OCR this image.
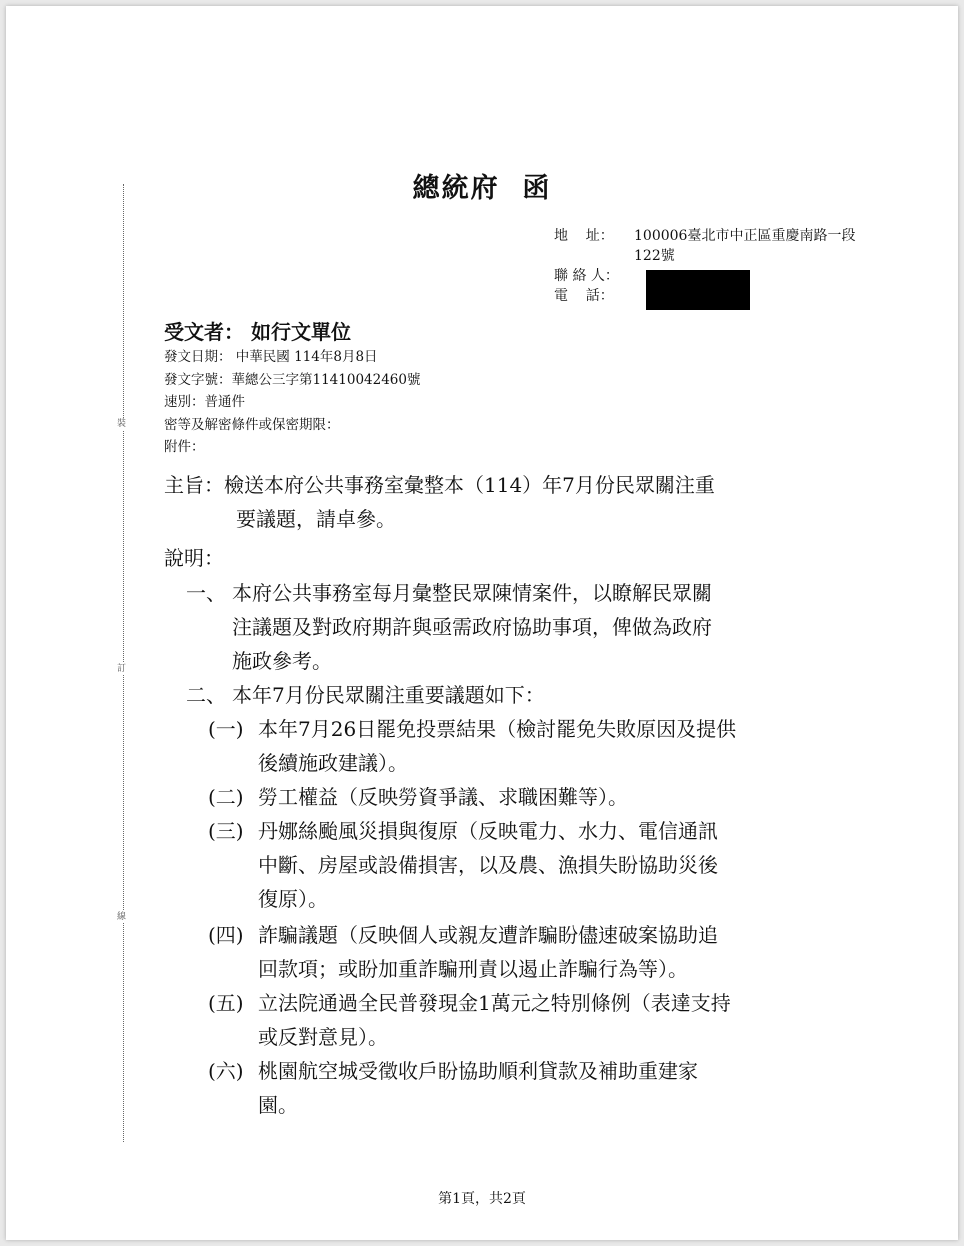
裝
訂
線
總統府  函
地    址：	100006臺北市中正區重慶南路一段122號
聯 絡 人：
電    話：
受文者： 如行文單位
發文日期： 中華民國 114年8月8日
發文字號：華總公三字第11410042460號
速別：普通件
密等及解密條件或保密期限：
附件：
主旨：檢送本府公共事務室彙整本（114）年7月份民眾關注重
要議題，請卓參。
說明：
一、 本府公共事務室每月彙整民眾陳情案件，以瞭解民眾關
注議題及對政府期許與亟需政府協助事項，俾做為政府
施政參考。
二、 本年7月份民眾關注重要議題如下：
(一) 本年7月26日罷免投票結果（檢討罷免失敗原因及提供
後續施政建議）。
(二) 勞工權益（反映勞資爭議、求職困難等）。
(三) 丹娜絲颱風災損與復原（反映電力、水力、電信通訊
中斷、房屋或設備損害，以及農、漁損失盼協助災後
復原）。
(四) 詐騙議題（反映個人或親友遭詐騙盼儘速破案協助追
回款項；或盼加重詐騙刑責以遏止詐騙行為等）。
(五) 立法院通過全民普發現金1萬元之特別條例（表達支持
或反對意見）。
(六) 桃園航空城受徵收戶盼協助順利貸款及補助重建家
園。
第1頁，共2頁
